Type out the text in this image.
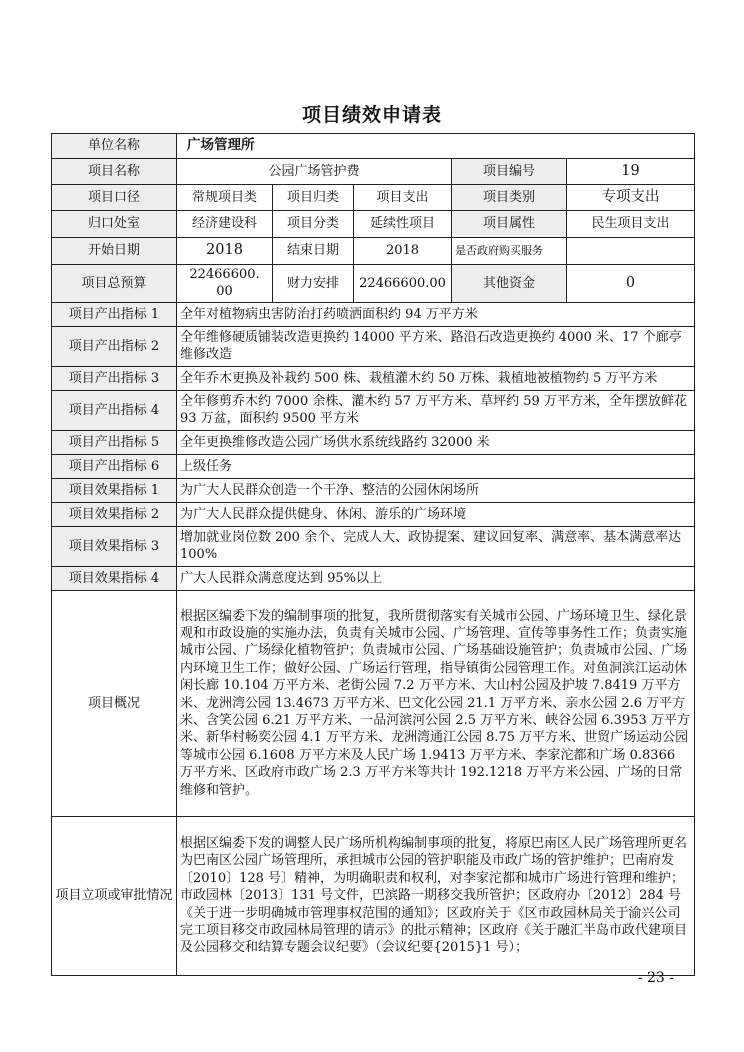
项目绩效申请表
单位名称	广场管理所				
项目名称	公园广场管护费			项目编号	19
项目口径	常规项目类	项目归类	项目支出	项目类别	专项支出
归口处室	经济建设科	项目分类	延续性项目	项目属性	民生项目支出
开始日期	2018	结束日期	2018	是否政府购买服务	
项目总预算	22466600. 00	财力安排	22466600.00	其他资金	0
项目产出指标 1	全年对植物病虫害防治打药喷洒面积约 94 万平方米				
项目产出指标 2	全年维修硬质铺装改造更换约 14000 平方米、路沿石改造更换约 4000 米、17 个廊亭维修改造				
项目产出指标 3	全年乔木更换及补栽约 500 株、栽植灌木约 50 万株、栽植地被植物约 5 万平方米				
项目产出指标 4	全年修剪乔木约 7000 余株、灌木约 57 万平方米、草坪约 59 万平方米，全年摆放鲜花 93 万盆，面积约 9500 平方米				
项目产出指标 5	全年更换维修改造公园广场供水系统线路约 32000 米				
项目产出指标 6	上级任务				
项目效果指标 1	为广大人民群众创造一个干净、整洁的公园休闲场所				
项目效果指标 2	为广大人民群众提供健身、休闲、游乐的广场环境				
项目效果指标 3	增加就业岗位数 200 余个、完成人大、政协提案、建议回复率、满意率、基本满意率达 100%				
项目效果指标 4	广大人民群众满意度达到 95%以上				
项目概况	根据区编委下发的编制事项的批复，我所贯彻落实有关城市公园、广场环境卫生、绿化景观和市政设施的实施办法，负责有关城市公园、广场管理、宣传等事务性工作；负责实施城市公园、广场绿化植物管护；负责城市公园、广场基础设施管护；负责城市公园、广场内环境卫生工作；做好公园、广场运行管理，指导镇街公园管理工作。对鱼洞滨江运动休闲长廊 10.104 万平方米、老街公园 7.2 万平方米、大山村公园及护坡 7.8419 万平方米、龙洲湾公园 13.4673 万平方米、巴文化公园 21.1 万平方米、亲水公园 2.6 万平方米、含笑公园 6.21 万平方米、一品河滨河公园 2.5 万平方米、峡谷公园 6.3953 万平方米、新华村畅奕公园 4.1 万平方米、龙洲湾通江公园 8.75 万平方米、世贸广场运动公园等城市公园 6.1608 万平方米及人民广场 1.9413 万平方米、李家沱都和广场 0.8366 万平方米、区政府市政广场 2.3 万平方米等共计 192.1218 万平方米公园、广场的日常维修和管护。				
项目立项或审批情况	根据区编委下发的调整人民广场所机构编制事项的批复，将原巴南区人民广场管理所更名为巴南区公园广场管理所，承担城市公园的管护职能及市政广场的管护维护；巴南府发〔2010〕128 号〕精神，为明确职责和权利，对李家沱都和城市广场进行管理和维护；市政园林〔2013〕131 号文件，巴滨路一期移交我所管护；区政府办〔2012〕284 号《关于进一步明确城市管理事权范围的通知》；区政府关于《区市政园林局关于渝兴公司完工项目移交市政园林局管理的请示》的批示精神；区政府《关于融汇半岛市政代建项目及公园移交和结算专题会议纪要》（会议纪要{2015}1 号）；				
- 23 -
